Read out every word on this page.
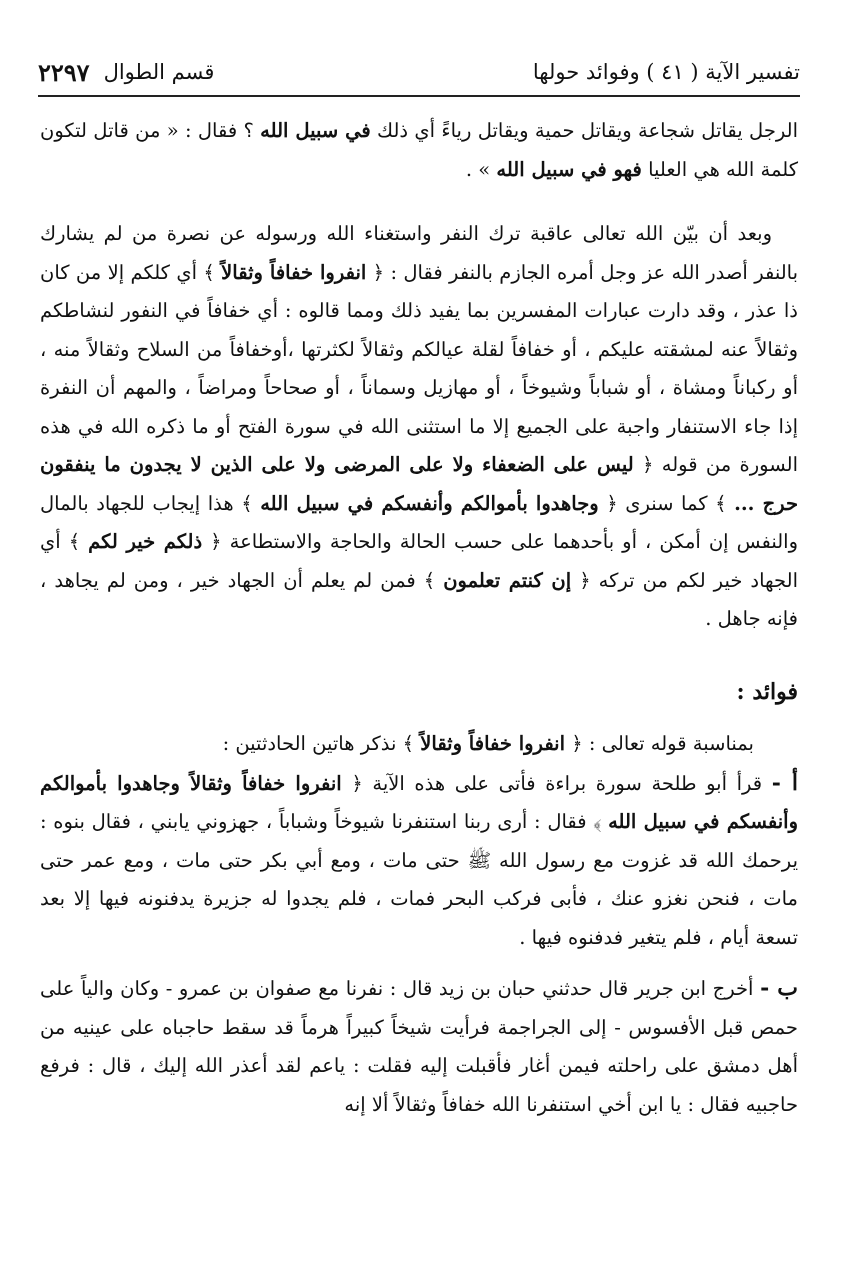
تفسير الآية ( ٤١ ) وفوائد حولها
قسم الطوال
٢٢٩٧

الرجل يقاتل شجاعة ويقاتل حمية ويقاتل رياءً أي ذلك في سبيل الله ؟ فقال : « من قاتل لتكون كلمة الله هي العليا فهو في سبيل الله » .

وبعد أن بيّن الله تعالى عاقبة ترك النفر واستغناء الله ورسوله عن نصرة من لم يشارك بالنفر أصدر الله عز وجل أمره الجازم بالنفر فقال : ﴿ انفروا خفافاً وثقالاً ﴾ أي كلكم إلا من كان ذا عذر ، وقد دارت عبارات المفسرين بما يفيد ذلك ومما قالوه : أي خفافاً في النفور لنشاطكم وثقالاً عنه لمشقته عليكم ، أو خفافاً لقلة عيالكم وثقالاً لكثرتها ،أوخفافاً من السلاح وثقالاً منه ، أو ركباناً ومشاة ، أو شباباً وشيوخاً ، أو مهازيل وسماناً ، أو صحاحاً ومراضاً ، والمهم أن النفرة إذا جاء الاستنفار واجبة على الجميع إلا ما استثنى الله في سورة الفتح أو ما ذكره الله في هذه السورة من قوله ﴿ ليس على الضعفاء ولا على المرضى ولا على الذين لا يجدون ما ينفقون حرج ... ﴾ كما سنرى ﴿ وجاهدوا بأموالكم وأنفسكم في سبيل الله ﴾ هذا إيجاب للجهاد بالمال والنفس إن أمكن ، أو بأحدهما على حسب الحالة والحاجة والاستطاعة ﴿ ذلكم خير لكم ﴾ أي الجهاد خير لكم من تركه ﴿ إن كنتم تعلمون ﴾ فمن لم يعلم أن الجهاد خير ، ومن لم يجاهد ، فإنه جاهل .

فوائد :

بمناسبة قوله تعالى : ﴿ انفروا خفافاً وثقالاً ﴾ نذكر هاتين الحادثتين :

أ - قرأ أبو طلحة سورة براءة فأتى على هذه الآية ﴿ انفروا خفافاً وثقالاً وجاهدوا بأموالكم وأنفسكم في سبيل الله ﴾ فقال : أرى ربنا استنفرنا شيوخاً وشباباً ، جهزوني يابني ، فقال بنوه : يرحمك الله قد غزوت مع رسول الله ﷺ حتى مات ، ومع أبي بكر حتى مات ، ومع عمر حتى مات ، فنحن نغزو عنك ، فأبى فركب البحر فمات ، فلم يجدوا له جزيرة يدفنونه فيها إلا بعد تسعة أيام ، فلم يتغير فدفنوه فيها .

ب - أخرج ابن جرير قال حدثني حبان بن زيد قال : نفرنا مع صفوان بن عمرو - وكان والياً على حمص قبل الأفسوس - إلى الجراجمة فرأيت شيخاً كبيراً هرماً قد سقط حاجباه على عينيه من أهل دمشق على راحلته فيمن أغار فأقبلت إليه فقلت : ياعم لقد أعذر الله إليك ، قال : فرفع حاجبيه فقال : يا ابن أخي استنفرنا الله خفافاً وثقالاً ألا إنه
